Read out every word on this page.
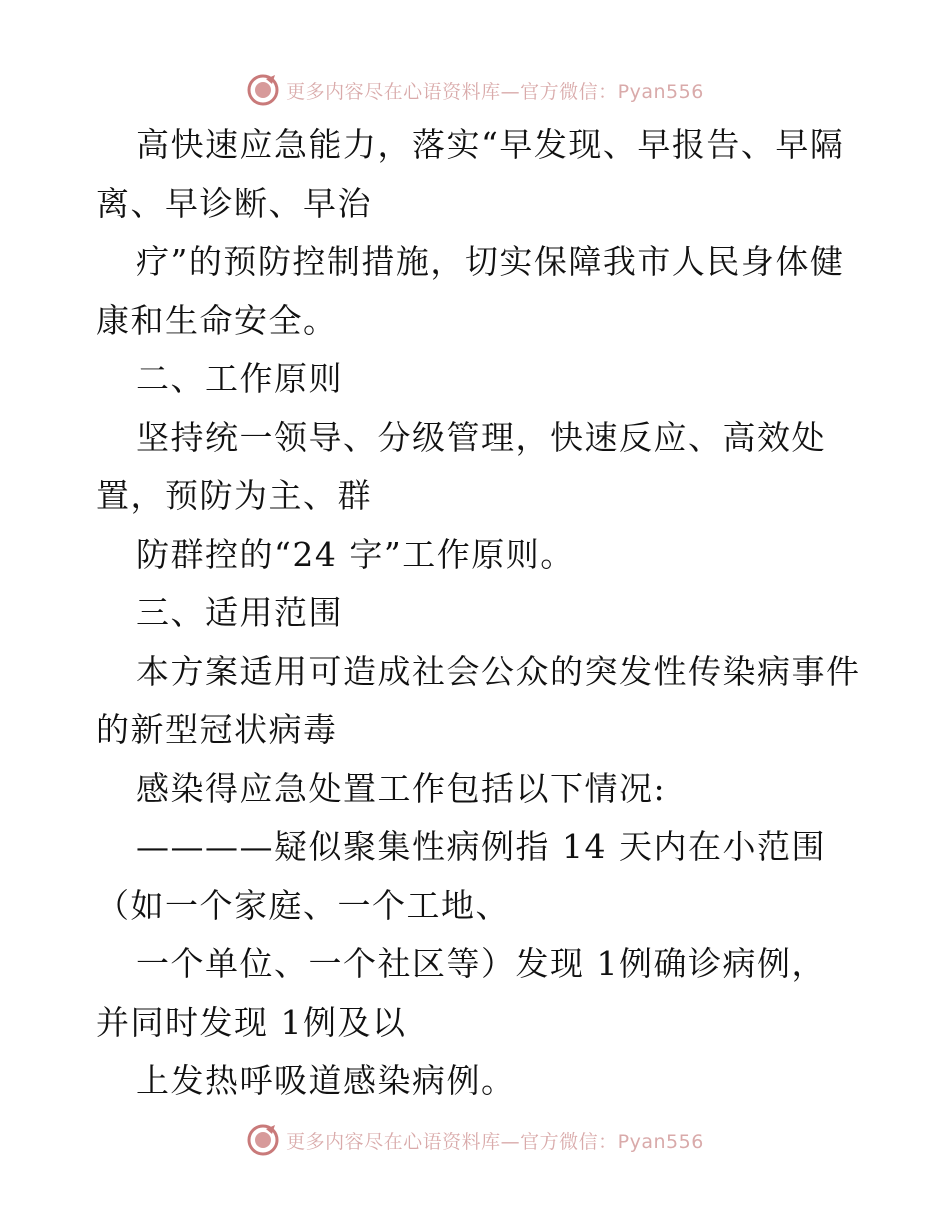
更多内容尽在心语资料库—官方微信：Pyan556
高快速应急能力，落实“早发现、早报告、早隔
离、早诊断、早治
疗”的预防控制措施，切实保障我市人民身体健
康和生命安全。
二、工作原则
坚持统一领导、分级管理，快速反应、高效处
置，预防为主、群
防群控的“24 字”工作原则。
三、适用范围
本方案适用可造成社会公众的突发性传染病事件
的新型冠状病毒
感染得应急处置工作包括以下情况:
————疑似聚集性病例指 14 天内在小范围
（如一个家庭、一个工地、
一个单位、一个社区等）发现 1例确诊病例，
并同时发现 1例及以
上发热呼吸道感染病例。
更多内容尽在心语资料库—官方微信：Pyan556
